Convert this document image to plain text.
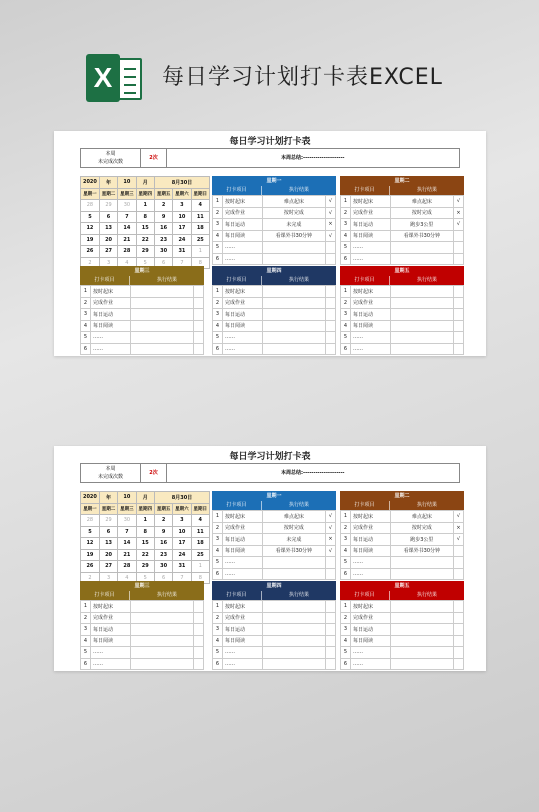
X	每日学习计划打卡表EXCEL
每日学习计划打卡表
本周
未完成次数
2次	本周总结:--------------------
2020	年	10	月	8月30日		
星期一	星期二	星期三	星期四	星期五	星期六	星期日
28	29	30	1	2	3	4
5	6	7	8	9	10	11
12	13	14	15	16	17	18
19	20	21	22	23	24	25
26	27	28	29	30	31	1
2	3	4	5	6	7	8
星期一
打卡项目	执行结果
1	按时起床	难点起床	√
2	完成作业	按时完成	√
3	每日运动	未完成	×
4	每日阅读	看课外书30分钟	√
5	……		
6	……		
星期二
打卡项目	执行结果
1	按时起床	难点起床	√
2	完成作业	按时完成	×
3	每日运动	跑步3公里	√
4	每日阅读	看课外书30分钟	
5	……		
6	……		
星期三
打卡项目	执行结果
1	按时起床		
2	完成作业		
3	每日运动		
4	每日阅读		
5	……		
6	……		
星期四
打卡项目	执行结果
1	按时起床		
2	完成作业		
3	每日运动		
4	每日阅读		
5	……		
6	……		
星期五
打卡项目	执行结果
1	按时起床		
2	完成作业		
3	每日运动		
4	每日阅读		
5	……		
6	……		
每日学习计划打卡表
本周
未完成次数
2次	本周总结:--------------------
2020	年	10	月	8月30日		
星期一	星期二	星期三	星期四	星期五	星期六	星期日
28	29	30	1	2	3	4
5	6	7	8	9	10	11
12	13	14	15	16	17	18
19	20	21	22	23	24	25
26	27	28	29	30	31	1
2	3	4	5	6	7	8
星期一
打卡项目	执行结果
1	按时起床	难点起床	√
2	完成作业	按时完成	√
3	每日运动	未完成	×
4	每日阅读	看课外书30分钟	√
5	……		
6	……		
星期二
打卡项目	执行结果
1	按时起床	难点起床	√
2	完成作业	按时完成	×
3	每日运动	跑步3公里	√
4	每日阅读	看课外书30分钟	
5	……		
6	……		
星期三
打卡项目	执行结果
1	按时起床		
2	完成作业		
3	每日运动		
4	每日阅读		
5	……		
6	……		
星期四
打卡项目	执行结果
1	按时起床		
2	完成作业		
3	每日运动		
4	每日阅读		
5	……		
6	……		
星期五
打卡项目	执行结果
1	按时起床		
2	完成作业		
3	每日运动		
4	每日阅读		
5	……		
6	……		
